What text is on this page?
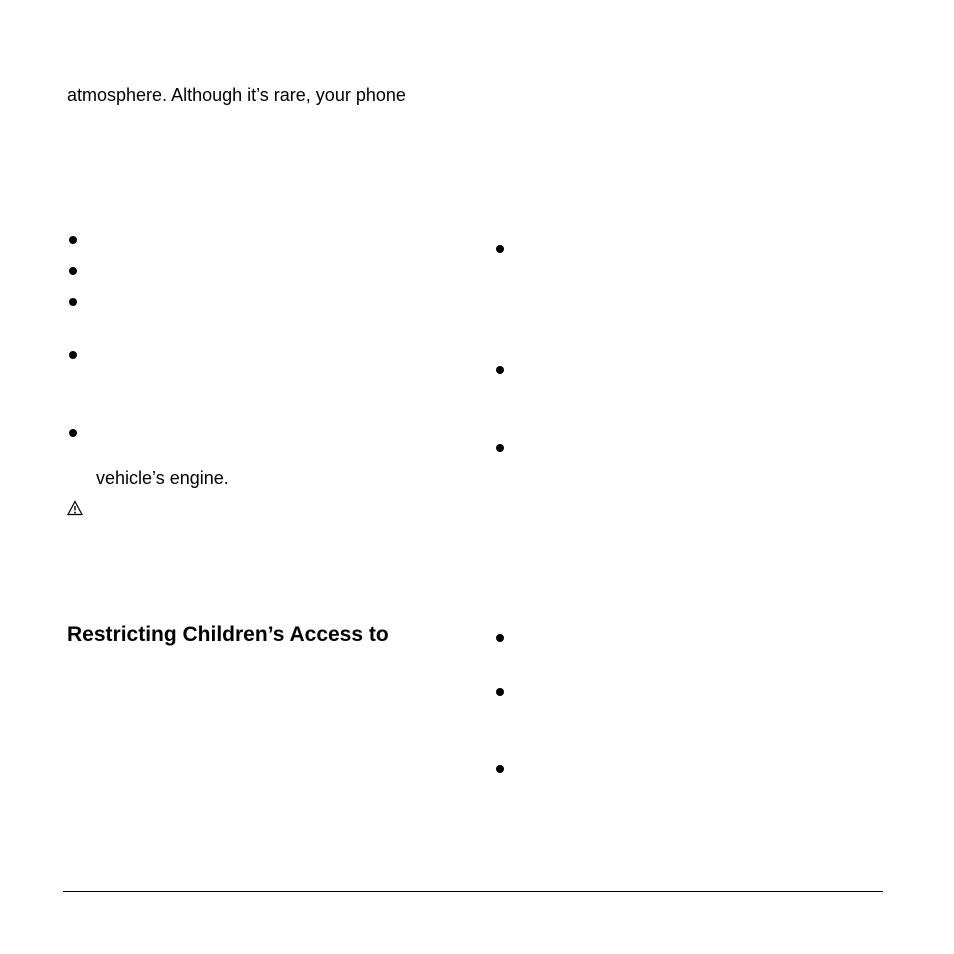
atmosphere. Although it’s rare, your phone
vehicle’s engine.
Restricting Children’s Access to
